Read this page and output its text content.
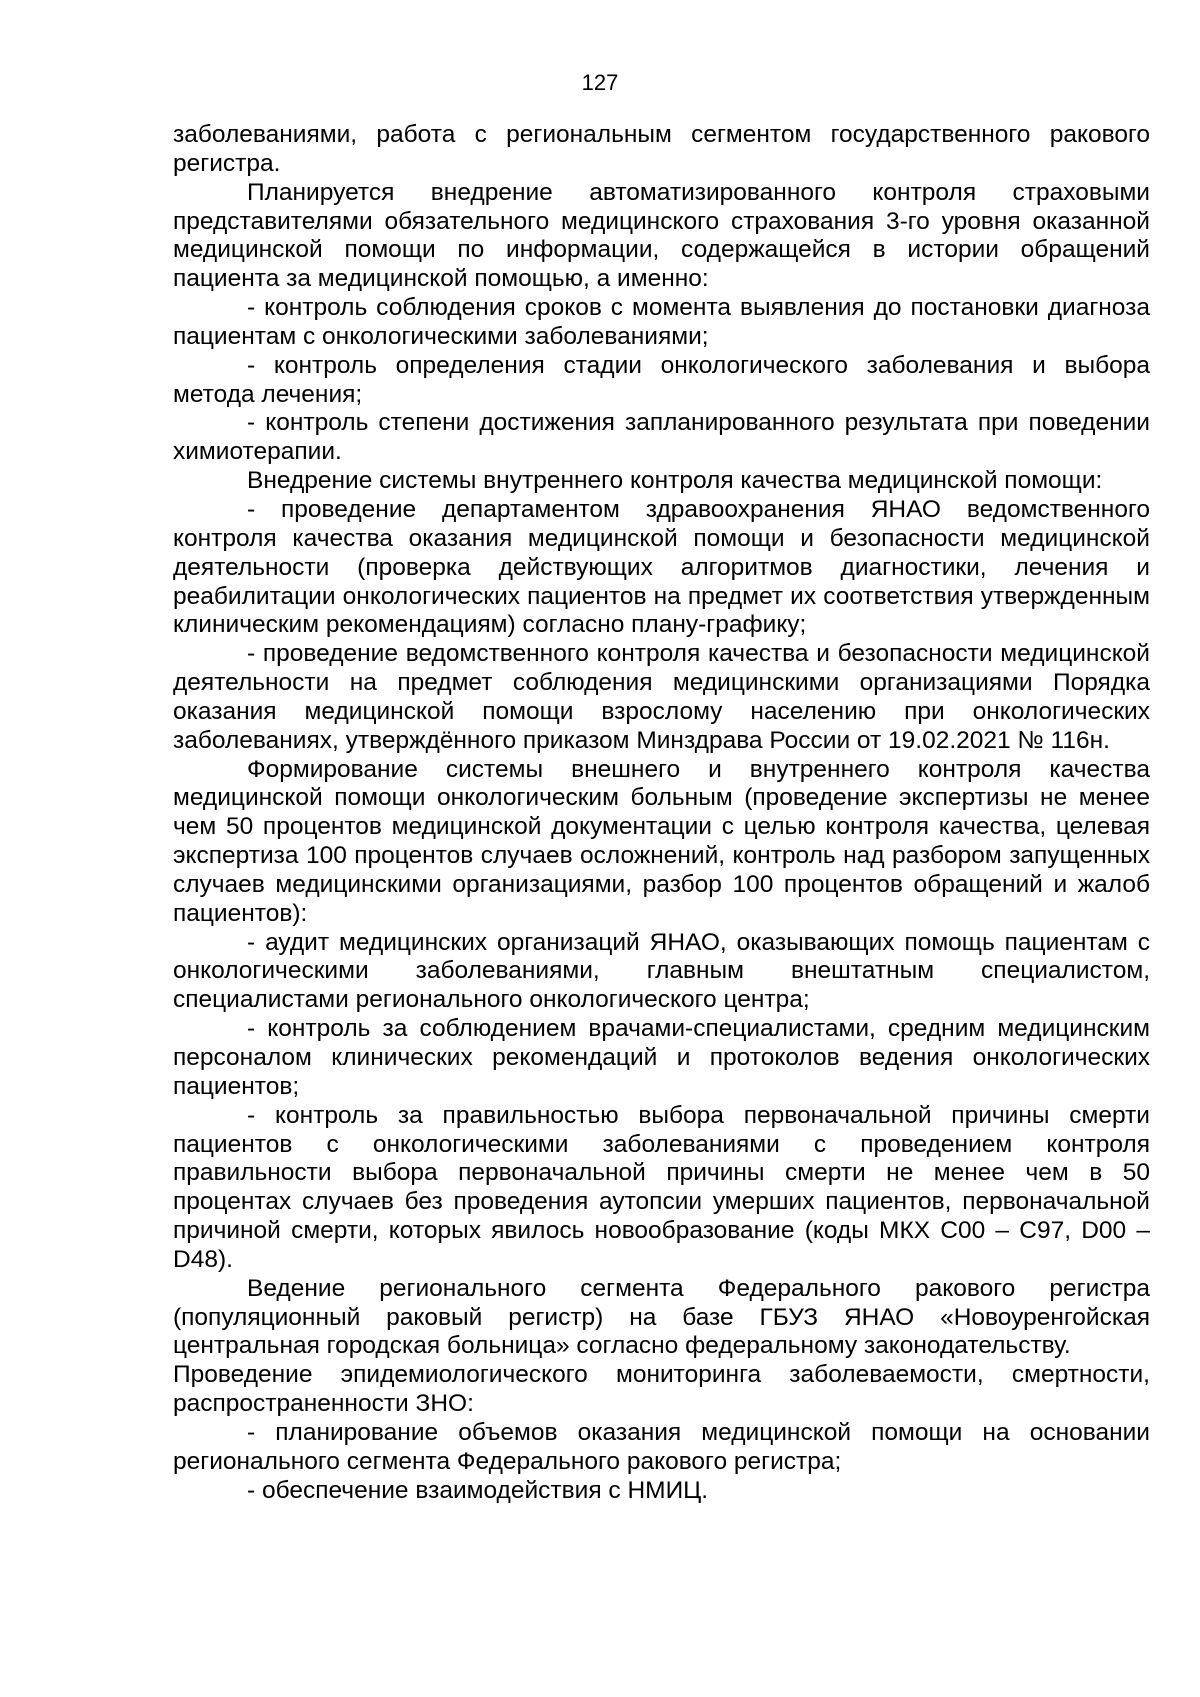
127

заболеваниями, работа с региональным сегментом государственного ракового регистра.

Планируется внедрение автоматизированного контроля страховыми представителями обязательного медицинского страхования 3-го уровня оказанной медицинской помощи по информации, содержащейся в истории обращений пациента за медицинской помощью, а именно:

- контроль соблюдения сроков с момента выявления до постановки диагноза пациентам с онкологическими заболеваниями;

- контроль определения стадии онкологического заболевания и выбора метода лечения;

- контроль степени достижения запланированного результата при поведении химиотерапии.

Внедрение системы внутреннего контроля качества медицинской помощи:

- проведение департаментом здравоохранения ЯНАО ведомственного контроля качества оказания медицинской помощи и безопасности медицинской деятельности (проверка действующих алгоритмов диагностики, лечения и реабилитации онкологических пациентов на предмет их соответствия утвержденным клиническим рекомендациям) согласно плану-графику;

- проведение ведомственного контроля качества и безопасности медицинской деятельности на предмет соблюдения медицинскими организациями Порядка оказания медицинской помощи взрослому населению при онкологических заболеваниях, утверждённого приказом Минздрава России от 19.02.2021 № 116н.

Формирование системы внешнего и внутреннего контроля качества медицинской помощи онкологическим больным (проведение экспертизы не менее чем 50 процентов медицинской документации с целью контроля качества, целевая экспертиза 100 процентов случаев осложнений, контроль над разбором запущенных случаев медицинскими организациями, разбор 100 процентов обращений и жалоб пациентов):

- аудит медицинских организаций ЯНАО, оказывающих помощь пациентам с онкологическими заболеваниями, главным внештатным специалистом, специалистами регионального онкологического центра;

- контроль за соблюдением врачами-специалистами, средним медицинским персоналом клинических рекомендаций и протоколов ведения онкологических пациентов;

- контроль за правильностью выбора первоначальной причины смерти пациентов с онкологическими заболеваниями с проведением контроля правильности выбора первоначальной причины смерти не менее чем в 50 процентах случаев без проведения аутопсии умерших пациентов, первоначальной причиной смерти, которых явилось новообразование (коды МКХ С00 – С97, D00 – D48).

Ведение регионального сегмента Федерального ракового регистра (популяционный раковый регистр) на базе ГБУЗ ЯНАО «Новоуренгойская центральная городская больница» согласно федеральному законодательству.

Проведение эпидемиологического мониторинга заболеваемости, смертности, распространенности ЗНО:

- планирование объемов оказания медицинской помощи на основании регионального сегмента Федерального ракового регистра;

- обеспечение взаимодействия с НМИЦ.
